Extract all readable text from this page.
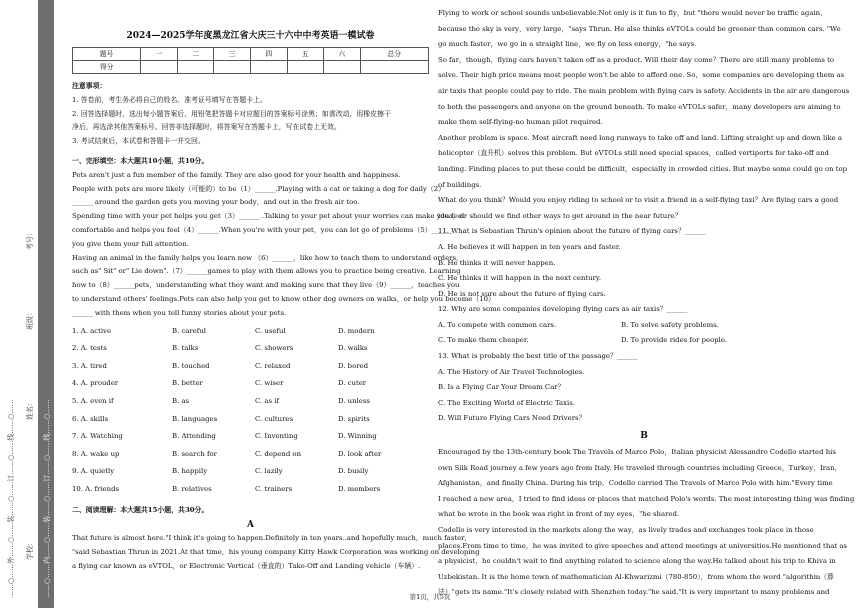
……○……外……○……装……○……订……○……线……○…… 学校：
姓名：
班级：
考号：
……○……内……○……装……○……订……○……线……○……
2024—2025学年度黑龙江省大庆三十六中中考英语一模试卷
题号	一	二	三	四	五	六	总分
得分							
注意事项：
1. 答卷前，考生务必将自己的姓名、准考证号填写在答题卡上。
2. 回答选择题时，选出每小题答案后，用铅笔把答题卡对应题目的答案标号涂黑；如需改动，用橡皮擦干
净后，再选涂其他答案标号。回答非选择题时，将答案写在答题卡上，写在试卷上无效。
3. 考试结束后，本试卷和答题卡一并交回。
一、完形填空：本大题共10小题，共10分。
Pets aren't just a fun member of the family. They are also good for your health and happiness.
People with pets are more likely（可能的）to be（1）______.Playing with a cat or taking a dog for daily（2）
______ around the garden gets you moving your body，and out in the fresh air too.
Spending time with your pet helps you get（3）______ .Talking to your pet about your worries can make you feel
comfortable and helps you feel（4）______.When you're with your pet，you can let go of problems（5）______
you give them your full attention.
Having an animal in the family helps you learn new （6）______，like how to teach them to understand orders，
such as" Sit" or" Lie down".（7）______games to play with them allows you to practice being creative. Learning
how to（8）______pets，understanding what they want and making sure that they live（9）______，teaches you
to understand others' feelings.Pets can also help you get to know other dog owners on walks，or help you become（10）
______ with them when you tell funny stories about your pets.
1. A. active	B. careful	C. useful	D. modern
2. A. tests	B. talks	C. showers	D. walks
3. A. tired	B. touched	C. relaxed	D. bored
4. A. prouder	B. better	C. wiser	D. cuter
5. A. even if	B. as	C. as if	D. unless
6. A. skills	B. languages	C. cultures	D. spirits
7. A. Watching	B. Attending	C. Inventing	D. Winning
8. A. wake up	B. search for	C. depend on	D. look after
9. A. quietly	B. happily	C. lazily	D. busily
10. A. friends	B. relatives	C. trainers	D. members
二、阅读理解：本大题共15小题，共30分。
A
That future is almost here."I think it's going to happen.Definitely in ten years..and hopefully much，much faster，
"said Sebastian Thrun in 2021.At that time，his young company Kitty Hawk Corporation was working on developing
a flying car known as eVTOL，or Electronic Vertical（垂直的）Take-Off and Landing vehicle（车辆）.
Flying to work or school sounds unbelievable.Not only is it fun to fly，but "there would never be traffic again，
because the sky is very，very large，"says Thrun. He also thinks eVTOLs could be greener than common cars. "We
go much faster，we go in a straight line，we fly on less energy，"he says.
So far，though，flying cars haven't taken off as a product. Will their day come？There are still many problems to
solve. Their high price means most people won't be able to afford one. So，some companies are developing them as
air taxis that people could pay to ride. The main problem with flying cars is safety. Accidents in the air are dangerous
to both the passengers and anyone on the ground beneath. To make eVTOLs safer，many developers are aiming to
make them self-flying-no human pilot required.
Another problem is space. Most aircraft need long runways to take off and land. Lifting straight up and down like a
helicopter（直升机）solves this problem. But eVTOLs still need special spaces，called vertiports for take-off and
landing. Finding places to put these could be difficult，especially in crowded cities. But maybe some could go on top
of buildings.
What do you think？Would you enjoy riding to school or to visit a friend in a self-flying taxi？Are flying cars a good
idea，or should we find other ways to get around in the near future？
11. What is Sebastian Thrun's opinion about the future of flying cars？______
A. He believes it will happen in ten years and faster.
B. He thinks it will never happen.
C. He thinks it will happen in the next century.
D. He is not sure about the future of flying cars.
12. Why are some companies developing flying cars as air taxis？______
A. To compete with common cars.	B. To solve safety problems.
C. To make them cheaper.	D. To provide rides for people.
13. What is probably the best title of the passage？______
A. The History of Air Travel Technologies.
B. Is a Flying Car Your Dream Car？
C. The Exciting World of Electric Taxis.
D. Will Future Flying Cars Need Drivers？
B
Encouraged by the 13th-century book The Travels of Marco Polo，Italian physicist Alessandro Codello started his
own Silk Road journey a few years ago from Italy. He traveled through countries including Greece，Turkey，Iran，
Afghanistan，and finally China. During his trip，Codello carried The Travels of Marco Polo with him."Every time
I reached a new area，I tried to find ideas or places that matched Polo's words. The most interesting thing was finding
what he wrote in the book was right in front of my eyes，"he shared.
Codello is very interested in the markets along the way，as lively trades and exchanges took place in those
places.From time to time，he was invited to give speeches and attend meetings at universities.He mentioned that as
a physicist，he couldn't wait to find anything related to science along the way.He talked about his trip to Khiva in
Uzbekistan. It is the home town of mathematician Al-Khwarizmi（780-850），from whom the word "algorithm（算
法）"gets its name."It's closely related with Shenzhen today."he said."It is very important to many problems and
第1页，共5页
